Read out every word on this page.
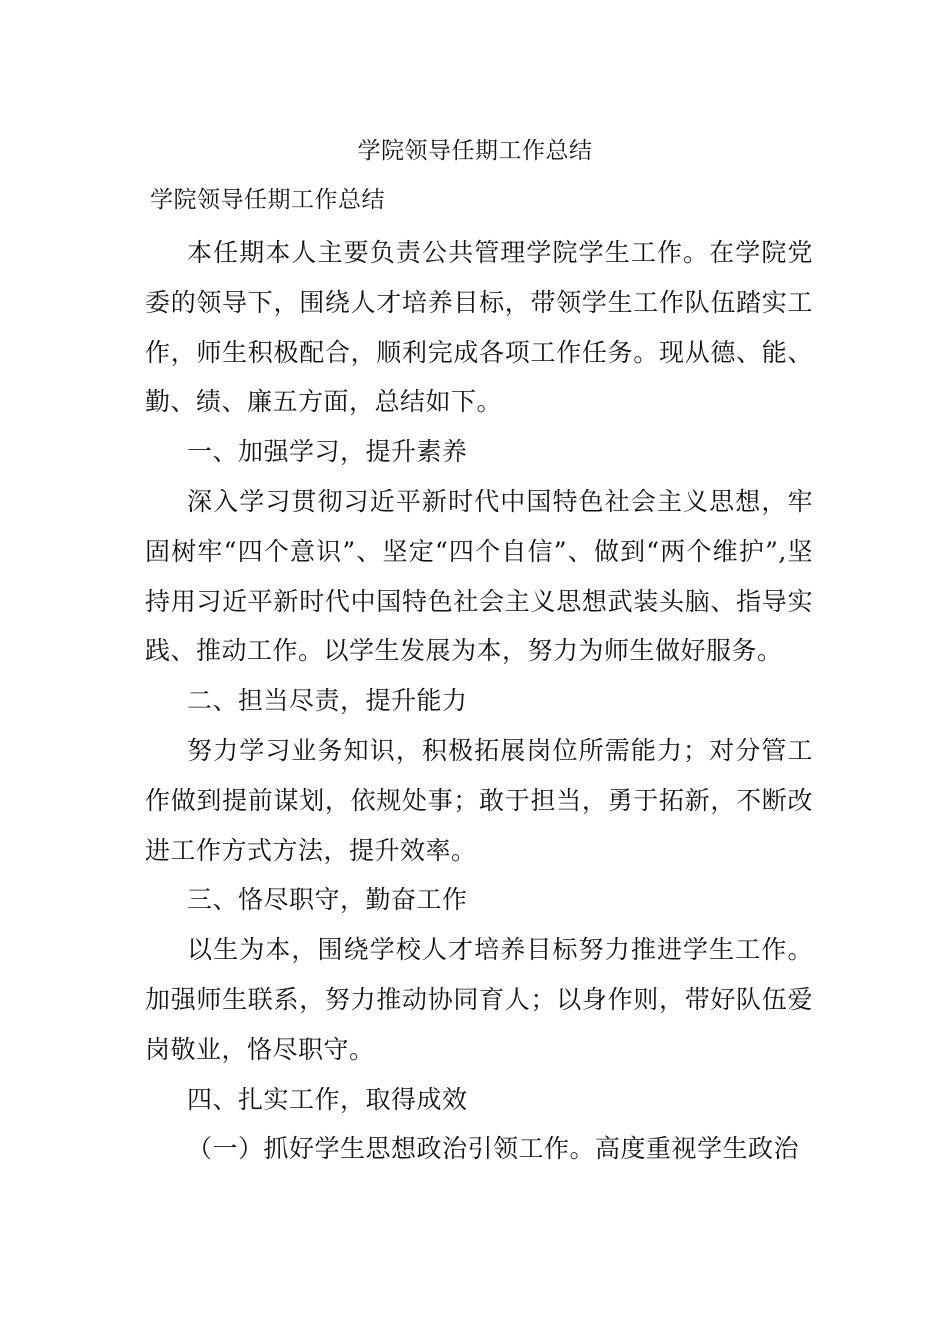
学院领导任期工作总结
学院领导任期工作总结

本任期本人主要负责公共管理学院学生工作。在学院党委的领导下，围绕人才培养目标，带领学生工作队伍踏实工作，师生积极配合，顺利完成各项工作任务。现从德、能、勤、绩、廉五方面，总结如下。

一、加强学习，提升素养

深入学习贯彻习近平新时代中国特色社会主义思想，牢固树牢“四个意识”、坚定“四个自信”、做到“两个维护”,坚持用习近平新时代中国特色社会主义思想武装头脑、指导实践、推动工作。以学生发展为本，努力为师生做好服务。

二、担当尽责，提升能力

努力学习业务知识，积极拓展岗位所需能力；对分管工作做到提前谋划，依规处事；敢于担当，勇于拓新，不断改进工作方式方法，提升效率。

三、恪尽职守，勤奋工作

以生为本，围绕学校人才培养目标努力推进学生工作。加强师生联系，努力推动协同育人；以身作则，带好队伍爱岗敬业，恪尽职守。

四、扎实工作，取得成效

（一）抓好学生思想政治引领工作。高度重视学生政治
